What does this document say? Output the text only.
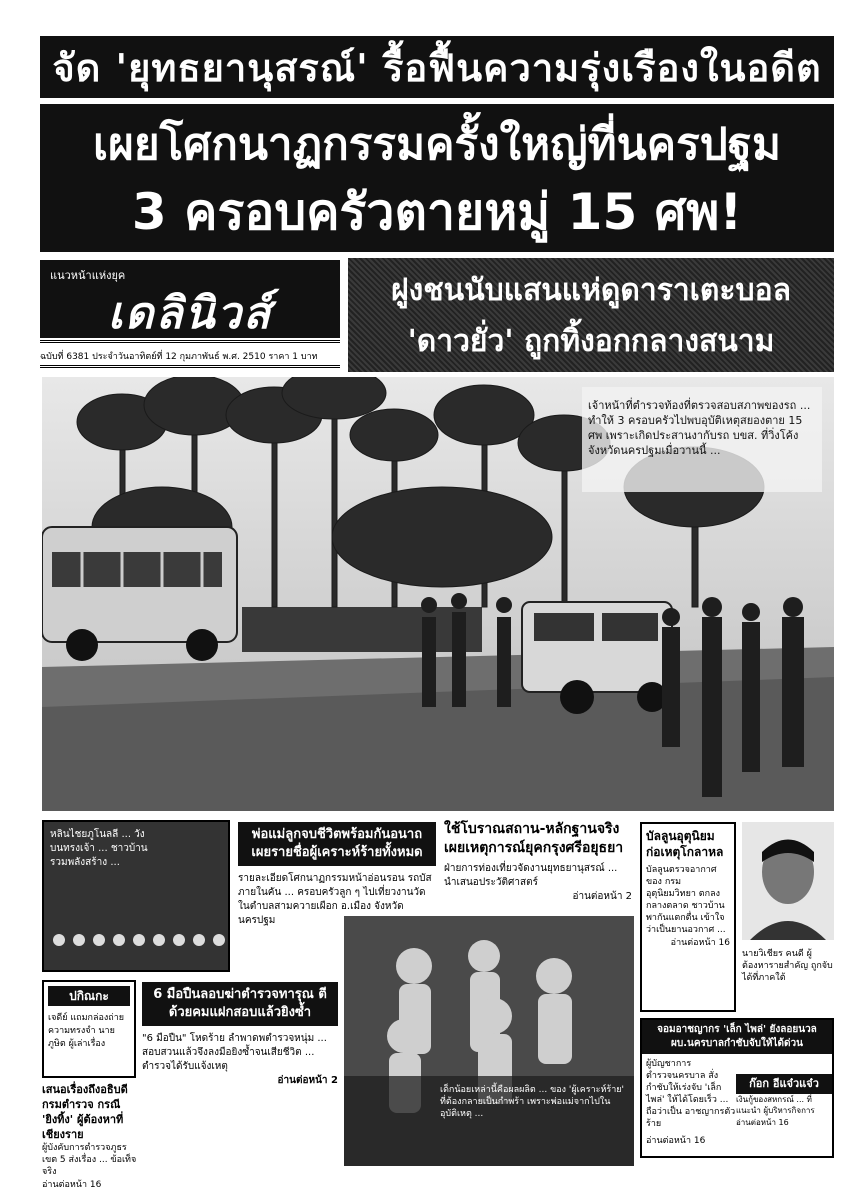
จัด 'ยุทธยานุสรณ์' รื้อฟื้นความรุ่งเรืองในอดีต
เผยโศกนาฏกรรมครั้งใหญ่ที่นครปฐม
3 ครอบครัวตายหมู่ 15 ศพ!
แนวหน้าแห่งยุค
เดลินิวส์
ฉบับที่ 6381 ประจำวันอาทิตย์ที่ 12 กุมภาพันธ์ พ.ศ. 2510 ราคา 1 บาท
ฝูงชนนับแสนแห่ดูดาราเตะบอล
'ดาวยั่ว' ถูกทิ้งอกกลางสนาม
เจ้าหน้าที่ตำรวจท้องที่ตรวจสอบสภาพของรถ ... ทำให้ 3 ครอบครัวไปพบอุบัติเหตุสยองตาย 15 ศพ เพราะเกิดประสานงากับรถ บขส. ที่วิ่งโค้ง จังหวัดนครปฐมเมื่อวานนี้ ...
หลินไชยภูโนลลี ... วังบนทรงเจ้า ... ชาวบ้านรวมพลังสร้าง ...
พ่อแม่ลูกจบชีวิตพร้อมกันอนาถ เผยรายชื่อผู้เคราะห์ร้ายทั้งหมด
รายละเอียดโศกนาฏกรรมหน้าอ่อนรอน รถบัสภายในคัน ... ครอบครัวลูก ๆ ไปเที่ยวงานวัด ในตำบลสามควายเผือก อ.เมือง จังหวัด นครปฐม
ใช้โบราณสถาน-หลักฐานจริง เผยเหตุการณ์ยุคกรุงศรีอยุธยา
ฝ่ายการท่องเที่ยวจัดงานยุทธยานุสรณ์ ... นำเสนอประวัติศาสตร์
อ่านต่อหน้า 2
บัลลูนอุตุนิยม ก่อเหตุโกลาหล
บัลลูนตรวจอากาศของ กรมอุตุนิยมวิทยา ตกลงกลางตลาด ชาวบ้านพากันแตกตื่น เข้าใจว่าเป็นยานอวกาศ ...
อ่านต่อหน้า 16
นายวิเชียร คนดี ผู้ต้องหารายสำคัญ ถูกจับได้ที่ภาคใต้
ปกิณกะ
เจดีย์ แถมกล่องถ่าย ความทรงจำ นาย ภูษิต ผู้เล่าเรื่อง
6 มือปืนลอบฆ่าตำรวจทารุณ ตีด้วยคมแฝกสอบแล้วยิงซ้ำ
"6 มือปืน" โหดร้าย ลำพาดพตำรวจหนุ่ม ... สอบสวนแล้วจึงลงมือยิงซ้ำจนเสียชีวิต ... ตำรวจได้รับแจ้งเหตุ
อ่านต่อหน้า 2
เสนอเรื่องถึงอธิบดีกรมตำรวจ กรณี 'ยิงทิ้ง' ผู้ต้องหาที่เชียงราย
ผู้บังคับการตำรวจภูธร เขต 5 ส่งเรื่อง ... ข้อเท็จจริง
อ่านต่อหน้า 16
เด็กน้อยเหล่านี้คือผลผลิต ... ของ 'ผู้เคราะห์ร้าย' ที่ต้องกลายเป็นกำพร้า เพราะพ่อแม่จากไปในอุบัติเหตุ ...
จอมอาชญากร 'เล็ก ไพล่' ยังลอยนวล ผบ.นครบาลกำชับจับให้ได้ด่วน
ผู้บัญชาการตำรวจนครบาล สั่งกำชับให้เร่งจับ 'เล็ก ไพล่' ให้ได้โดยเร็ว ... ถือว่าเป็น อาชญากรตัวร้าย
อ่านต่อหน้า 16
ก๊อก อีแจ๋วแจ๋ว
เงินกู้ของสหกรณ์ ... ที่แนะนำ ผู้บริหารกิจการ
อ่านต่อหน้า 16
